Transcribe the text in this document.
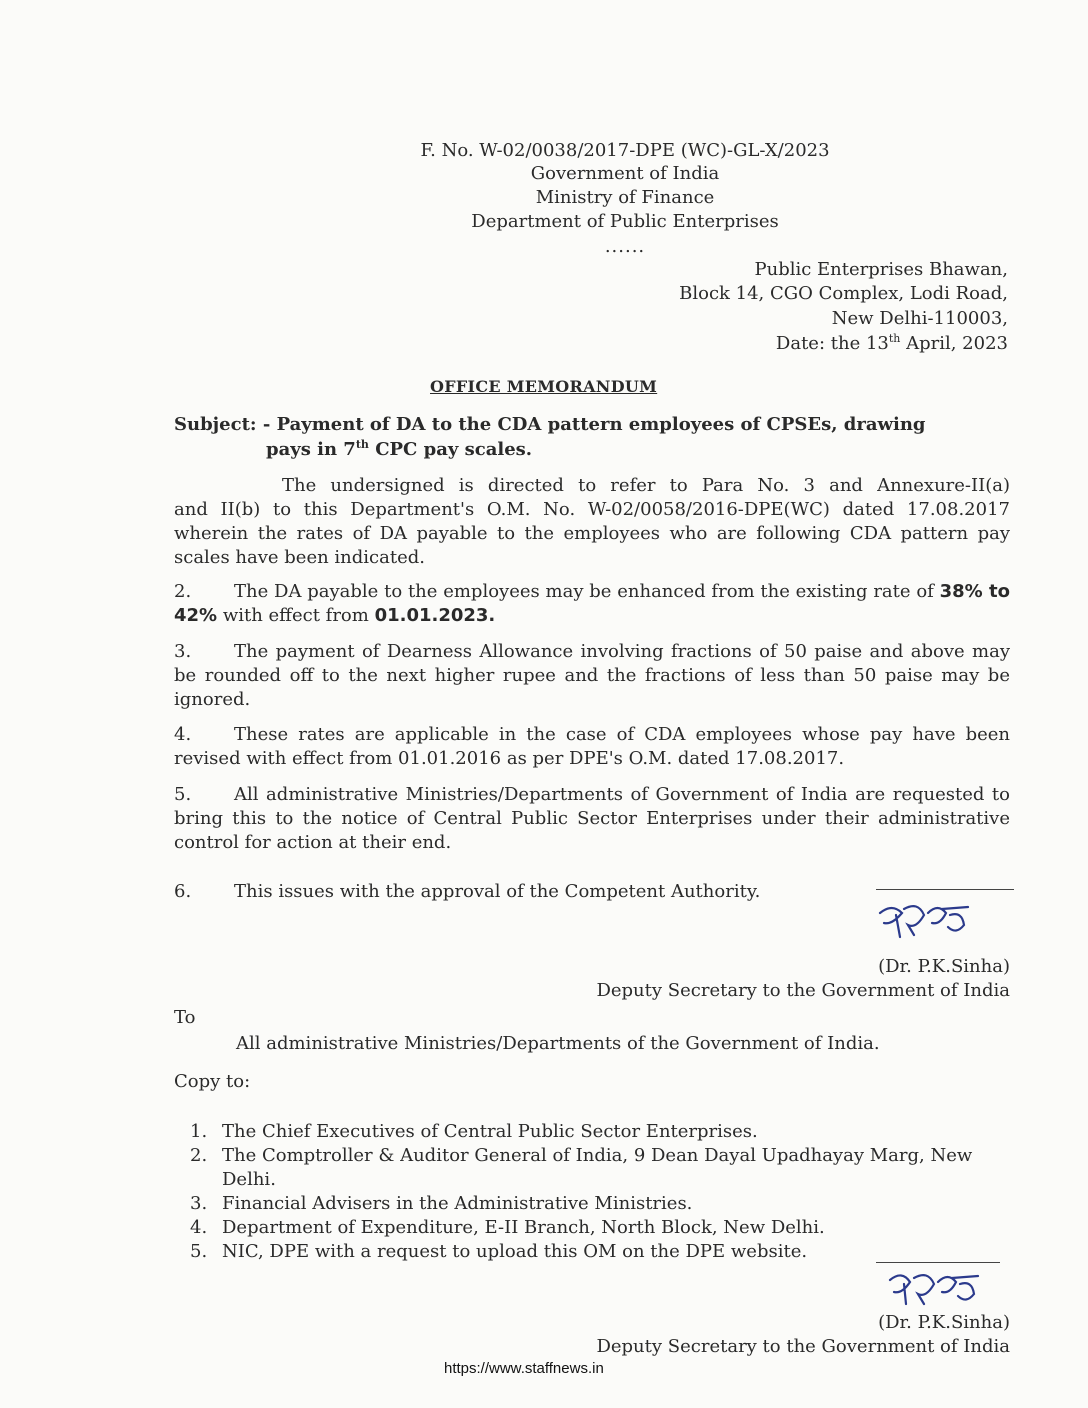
F. No. W-02/0038/2017-DPE (WC)-GL-X/2023
Government of India
Ministry of Finance
Department of Public Enterprises
......
Public Enterprises Bhawan,
Block 14, CGO Complex, Lodi Road,
New Delhi-110003,
Date: the 13th April, 2023
OFFICE MEMORANDUM
Subject: - Payment of DA to the CDA pattern employees of CPSEs, drawing
pays in 7th CPC pay scales.
The undersigned is directed to refer to Para No. 3 and Annexure-II(a)
and II(b) to this Department's O.M. No. W-02/0058/2016-DPE(WC) dated 17.08.2017 wherein the rates of DA payable to the employees who are following CDA pattern pay scales have been indicated.
2. The DA payable to the employees may be enhanced from the existing rate of 38% to 42% with effect from 01.01.2023.
3. The payment of Dearness Allowance involving fractions of 50 paise and above may be rounded off to the next higher rupee and the fractions of less than 50 paise may be ignored.
4. These rates are applicable in the case of CDA employees whose pay have been revised with effect from 01.01.2016 as per DPE's O.M. dated 17.08.2017.
5. All administrative Ministries/Departments of Government of India are requested to bring this to the notice of Central Public Sector Enterprises under their administrative control for action at their end.
6. This issues with the approval of the Competent Authority.
(Dr. P.K.Sinha)
Deputy Secretary to the Government of India
To
All administrative Ministries/Departments of the Government of India.
Copy to:
1. The Chief Executives of Central Public Sector Enterprises.
2. The Comptroller & Auditor General of India, 9 Dean Dayal Upadhayay Marg, New Delhi.
3. Financial Advisers in the Administrative Ministries.
4. Department of Expenditure, E-II Branch, North Block, New Delhi.
5. NIC, DPE with a request to upload this OM on the DPE website.
(Dr. P.K.Sinha)
Deputy Secretary to the Government of India
https://www.staffnews.in
